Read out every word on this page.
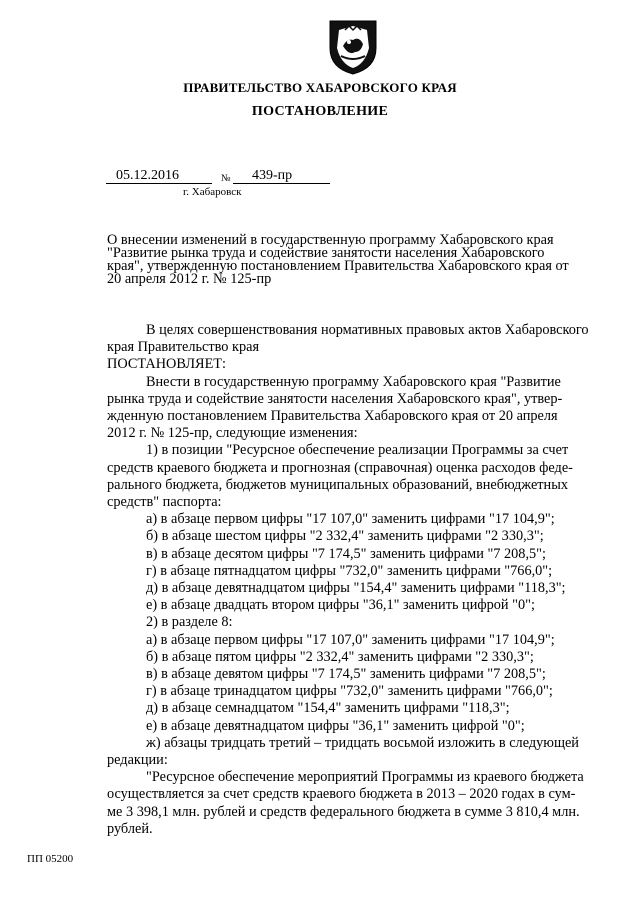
ПРАВИТЕЛЬСТВО ХАБАРОВСКОГО КРАЯ
ПОСТАНОВЛЕНИЕ
05.12.2016	№ 439-пр
г. Хабаровск
О внесении изменений в государственную программу Хабаровского края
"Развитие рынка труда и содействие занятости населения Хабаровского
края", утвержденную постановлением Правительства Хабаровского края от
20 апреля 2012 г. № 125-пр
В целях совершенствования нормативных правовых актов Хабаровского
края Правительство края
ПОСТАНОВЛЯЕТ:
Внести в государственную программу Хабаровского края "Развитие
рынка труда и содействие занятости населения Хабаровского края", утвер-
жденную постановлением Правительства Хабаровского края от 20 апреля
2012 г. № 125-пр, следующие изменения:
1) в позиции "Ресурсное обеспечение реализации Программы за счет
средств краевого бюджета и прогнозная (справочная) оценка расходов феде-
рального бюджета, бюджетов муниципальных образований, внебюджетных
средств" паспорта:
а) в абзаце первом цифры "17 107,0" заменить цифрами "17 104,9";
б) в абзаце шестом цифры "2 332,4" заменить цифрами "2 330,3";
в) в абзаце десятом цифры "7 174,5" заменить цифрами "7 208,5";
г) в абзаце пятнадцатом цифры "732,0" заменить цифрами "766,0";
д) в абзаце девятнадцатом цифры "154,4" заменить цифрами "118,3";
е) в абзаце двадцать втором цифры "36,1" заменить цифрой "0";
2) в разделе 8:
а) в абзаце первом цифры "17 107,0" заменить цифрами "17 104,9";
б) в абзаце пятом цифры "2 332,4" заменить цифрами "2 330,3";
в) в абзаце девятом цифры "7 174,5" заменить цифрами "7 208,5";
г) в абзаце тринадцатом цифры "732,0" заменить цифрами "766,0";
д) в абзаце семнадцатом "154,4" заменить цифрами "118,3";
е) в абзаце девятнадцатом цифры "36,1" заменить цифрой "0";
ж) абзацы тридцать третий – тридцать восьмой изложить в следующей
редакции:
"Ресурсное обеспечение мероприятий Программы из краевого бюджета
осуществляется за счет средств краевого бюджета в 2013 – 2020 годах в сум-
ме 3 398,1 млн. рублей и средств федерального бюджета в сумме 3 810,4 млн.
рублей.
ПП 05200
